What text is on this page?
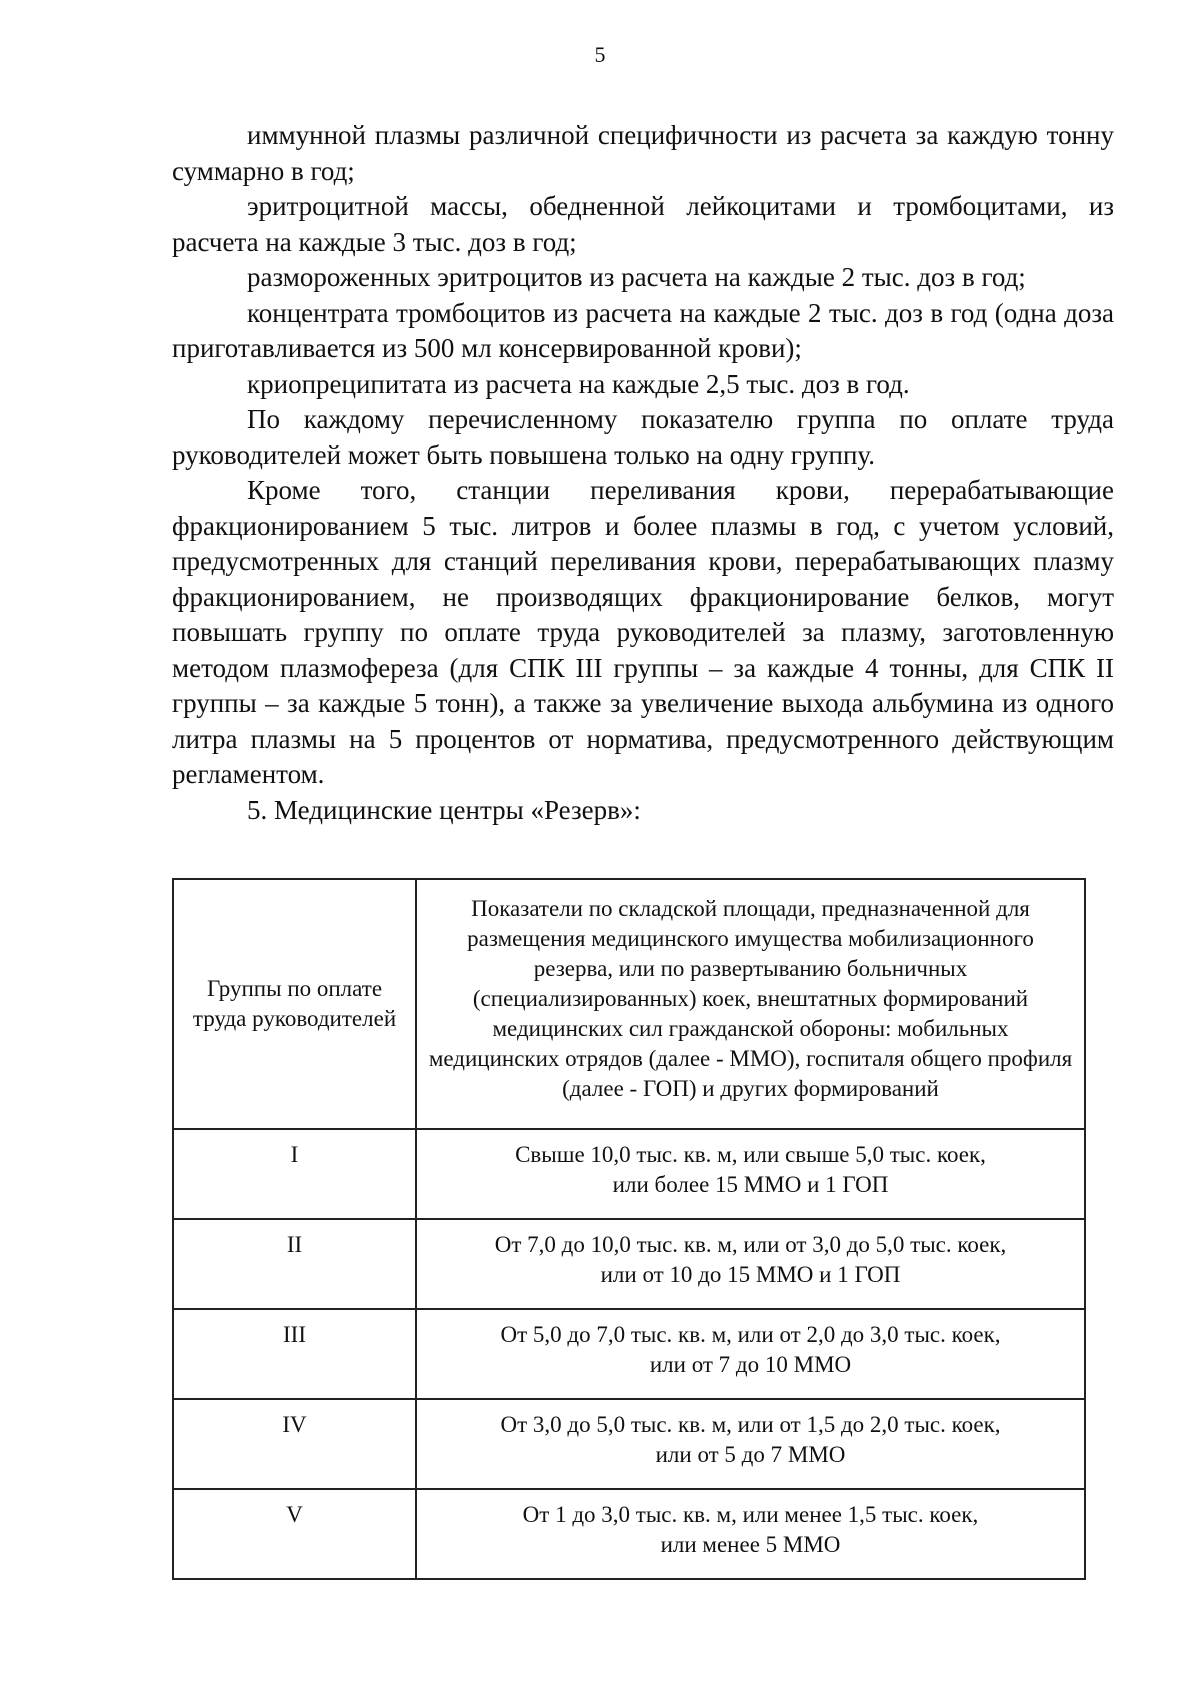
5

иммунной плазмы различной специфичности из расчета за каждую тонну суммарно в год;

эритроцитной массы, обедненной лейкоцитами и тромбоцитами, из расчета на каждые 3 тыс. доз в год;

размороженных эритроцитов из расчета на каждые 2 тыс. доз в год;

концентрата тромбоцитов из расчета на каждые 2 тыс. доз в год (одна доза приготавливается из 500 мл консервированной крови);

криопреципитата из расчета на каждые 2,5 тыс. доз в год.

По каждому перечисленному показателю группа по оплате труда руководителей может быть повышена только на одну группу.

Кроме того, станции переливания крови, перерабатывающие фракционированием 5 тыс. литров и более плазмы в год, с учетом условий, предусмотренных для станций переливания крови, перерабатывающих плазму фракционированием, не производящих фракционирование белков, могут повышать группу по оплате труда руководителей за плазму, заготовленную методом плазмофереза (для СПК III группы – за каждые 4 тонны, для СПК II группы – за каждые 5 тонн), а также за увеличение выхода альбумина из одного литра плазмы на 5 процентов от норматива, предусмотренного действующим регламентом.

5. Медицинские центры «Резерв»:

Группы по оплате труда руководителей	Показатели по складской площади, предназначенной для размещения медицинского имущества мобилизационного резерва, или по развертыванию больничных (специализированных) коек, внештатных формирований медицинских сил гражданской обороны: мобильных медицинских отрядов (далее - ММО), госпиталя общего профиля (далее - ГОП) и других формирований
I	Свыше 10,0 тыс. кв. м, или свыше 5,0 тыс. коек,
или более 15 ММО и 1 ГОП

II	От 7,0 до 10,0 тыс. кв. м, или от 3,0 до 5,0 тыс. коек,
или от 10 до 15 ММО и 1 ГОП

III	От 5,0 до 7,0 тыс. кв. м, или от 2,0 до 3,0 тыс. коек,
или от 7 до 10 ММО

IV	От 3,0 до 5,0 тыс. кв. м, или от 1,5 до 2,0 тыс. коек,
или от 5 до 7 ММО

V	От 1 до 3,0 тыс. кв. м, или менее 1,5 тыс. коек,
или менее 5 ММО
